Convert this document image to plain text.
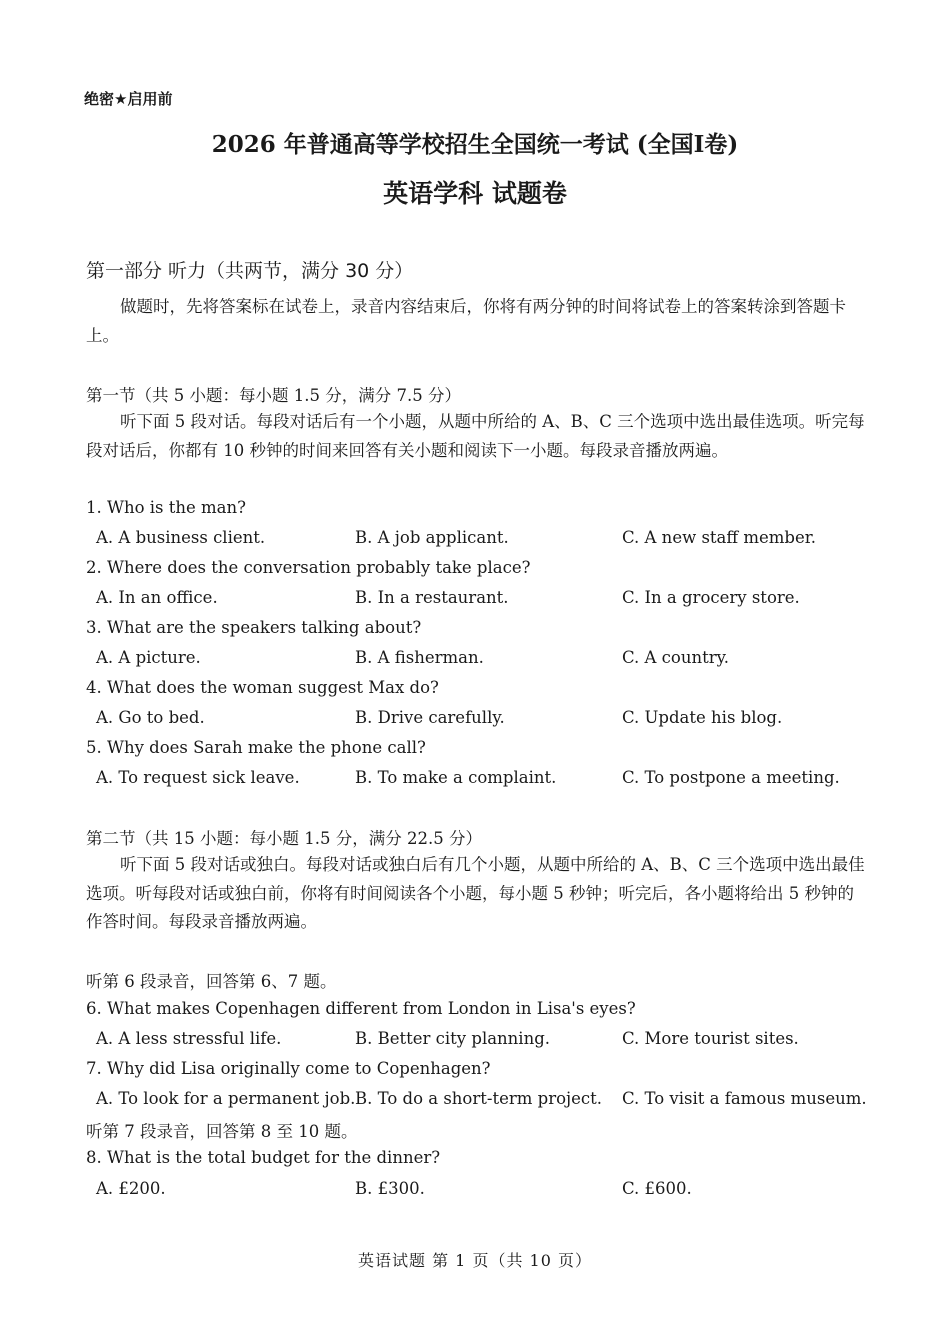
绝密★启用前
2026 年普通高等学校招生全国统一考试 (全国I卷)
英语学科 试题卷
第一部分 听力（共两节，满分 30 分）
做题时，先将答案标在试卷上，录音内容结束后，你将有两分钟的时间将试卷上的答案转涂到答题卡上。
第一节（共 5 小题：每小题 1.5 分，满分 7.5 分）
听下面 5 段对话。每段对话后有一个小题，从题中所给的 A、B、C 三个选项中选出最佳选项。听完每段对话后，你都有 10 秒钟的时间来回答有关小题和阅读下一小题。每段录音播放两遍。
1. Who is the man?
A. A business client.	B. A job applicant.	C. A new staff member.
2. Where does the conversation probably take place?
A. In an office.	B. In a restaurant.	C. In a grocery store.
3. What are the speakers talking about?
A. A picture.	B. A fisherman.	C. A country.
4. What does the woman suggest Max do?
A. Go to bed.	B. Drive carefully.	C. Update his blog.
5. Why does Sarah make the phone call?
A. To request sick leave.	B. To make a complaint.	C. To postpone a meeting.
第二节（共 15 小题：每小题 1.5 分，满分 22.5 分）
听下面 5 段对话或独白。每段对话或独白后有几个小题，从题中所给的 A、B、C 三个选项中选出最佳选项。听每段对话或独白前，你将有时间阅读各个小题，每小题 5 秒钟；听完后，各小题将给出 5 秒钟的作答时间。每段录音播放两遍。
听第 6 段录音，回答第 6、7 题。
6. What makes Copenhagen different from London in Lisa's eyes?
A. A less stressful life.	B. Better city planning.	C. More tourist sites.
7. Why did Lisa originally come to Copenhagen?
A. To look for a permanent job. B. To do a short-term project. C. To visit a famous museum.
听第 7 段录音，回答第 8 至 10 题。
8. What is the total budget for the dinner?
A. £200.	B. £300.	C. £600.
英语试题 第 1 页（共 10 页）
